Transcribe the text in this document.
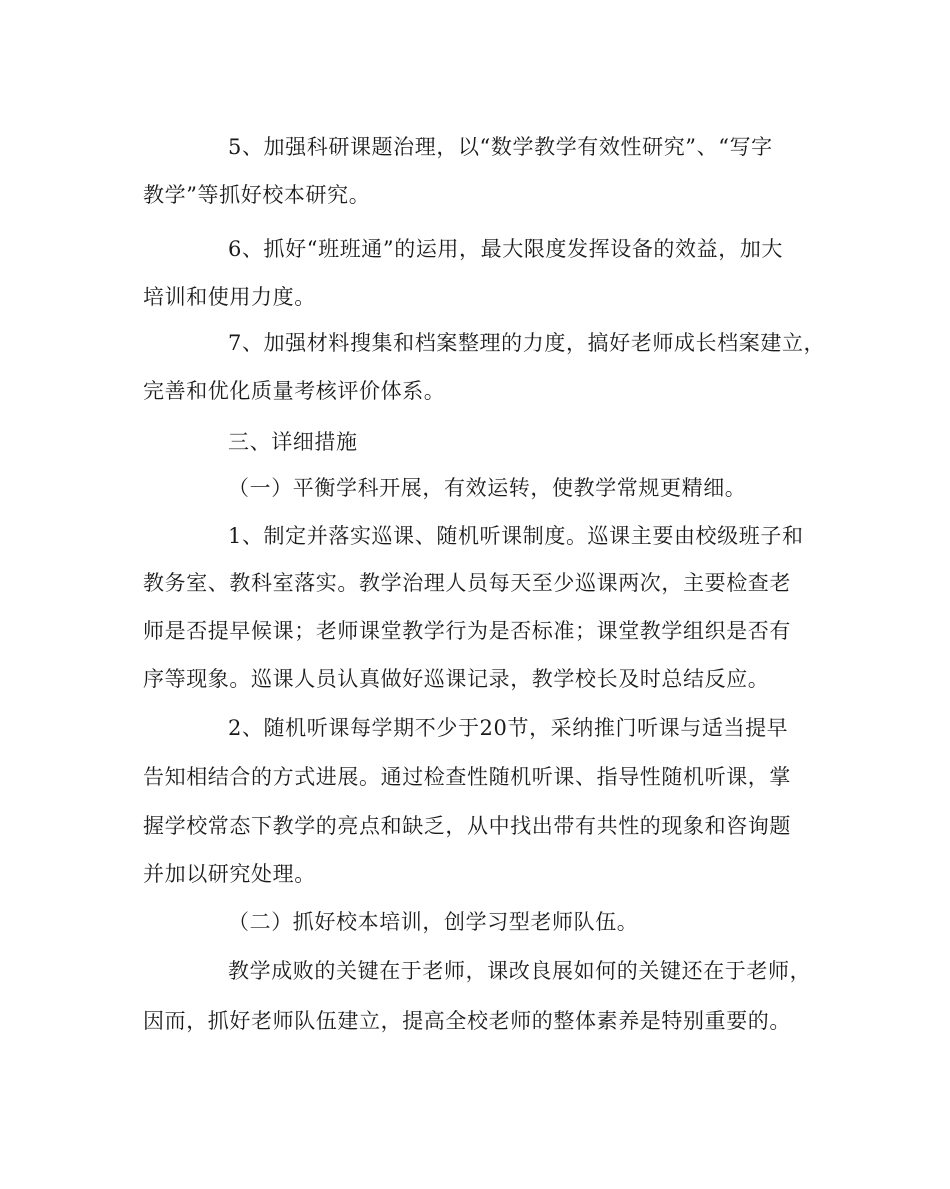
5、加强科研课题治理，以“数学教学有效性研究”、“写字
教学”等抓好校本研究。
6、抓好“班班通”的运用，最大限度发挥设备的效益，加大
培训和使用力度。
7、加强材料搜集和档案整理的力度，搞好老师成长档案建立，
完善和优化质量考核评价体系。
三、详细措施
（一）平衡学科开展，有效运转，使教学常规更精细。
1、制定并落实巡课、随机听课制度。巡课主要由校级班子和
教务室、教科室落实。教学治理人员每天至少巡课两次，主要检查老
师是否提早候课；老师课堂教学行为是否标准；课堂教学组织是否有
序等现象。巡课人员认真做好巡课记录，教学校长及时总结反应。
2、随机听课每学期不少于20节，采纳推门听课与适当提早
告知相结合的方式进展。通过检查性随机听课、指导性随机听课，掌
握学校常态下教学的亮点和缺乏，从中找出带有共性的现象和咨询题
并加以研究处理。
（二）抓好校本培训，创学习型老师队伍。
教学成败的关键在于老师，课改良展如何的关键还在于老师，
因而，抓好老师队伍建立，提高全校老师的整体素养是特别重要的。
